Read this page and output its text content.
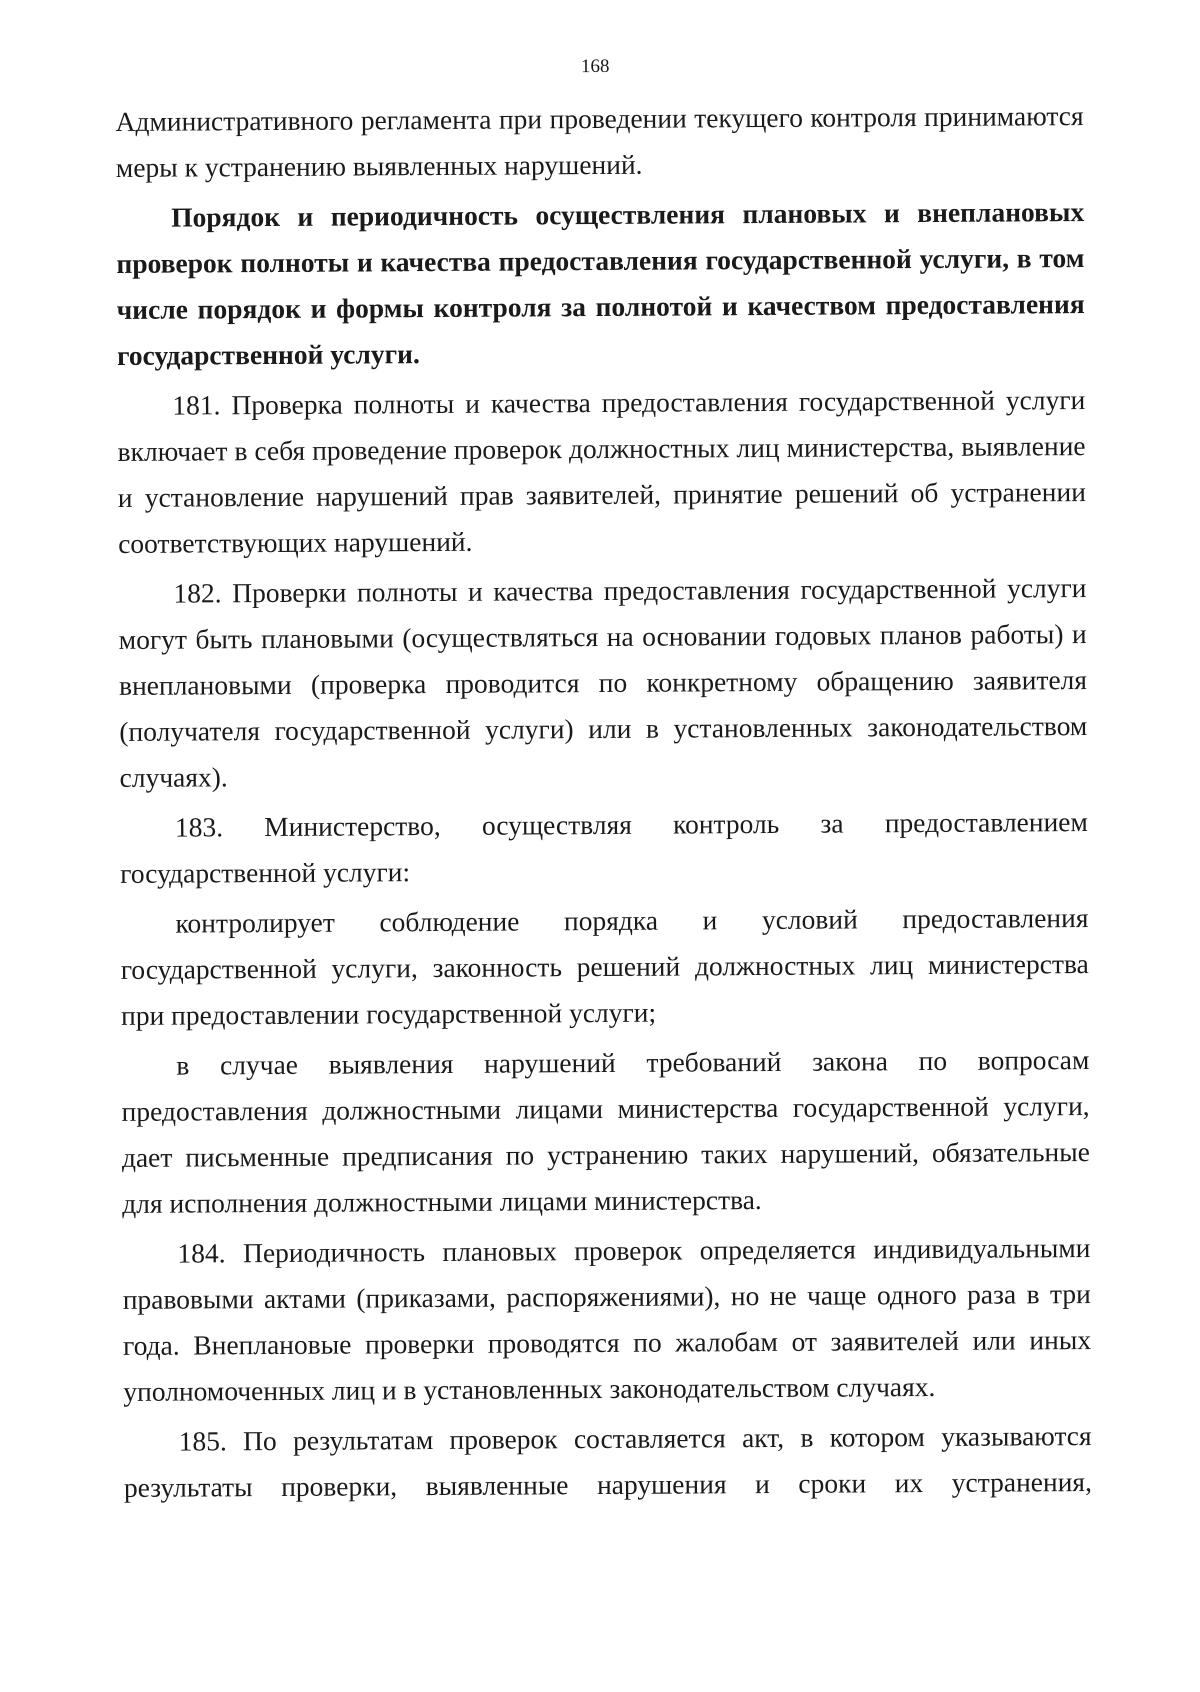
168

Административного регламента при проведении текущего контроля принимаются меры к устранению выявленных нарушений.

Порядок и периодичность осуществления плановых и внеплановых проверок полноты и качества предоставления государственной услуги, в том числе порядок и формы контроля за полнотой и качеством предоставления государственной услуги.

181. Проверка полноты и качества предоставления государственной услуги включает в себя проведение проверок должностных лиц министерства, выявление и установление нарушений прав заявителей, принятие решений об устранении соответствующих нарушений.

182. Проверки полноты и качества предоставления государственной услуги могут быть плановыми (осуществляться на основании годовых планов работы) и внеплановыми (проверка проводится по конкретному обращению заявителя (получателя государственной услуги) или в установленных законодательством случаях).

183. Министерство, осуществляя контроль за предоставлением государственной услуги:

контролирует соблюдение порядка и условий предоставления государственной услуги, законность решений должностных лиц министерства при предоставлении государственной услуги;

в случае выявления нарушений требований закона по вопросам предоставления должностными лицами министерства государственной услуги, дает письменные предписания по устранению таких нарушений, обязательные для исполнения должностными лицами министерства.

184. Периодичность плановых проверок определяется индивидуальными правовыми актами (приказами, распоряжениями), но не чаще одного раза в три года. Внеплановые проверки проводятся по жалобам от заявителей или иных уполномоченных лиц и в установленных законодательством случаях.

185. По результатам проверок составляется акт, в котором указываются результаты проверки, выявленные нарушения и сроки их устранения,
